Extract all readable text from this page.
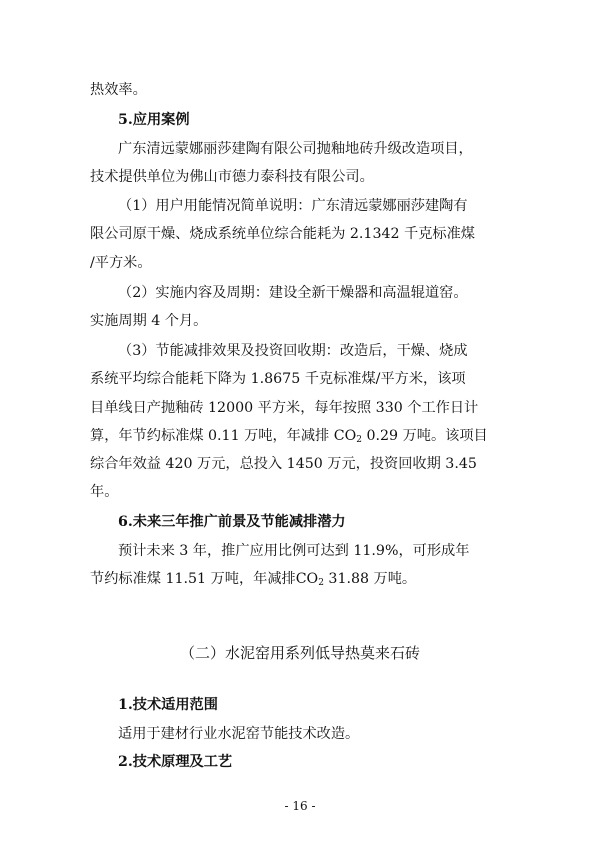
热效率。
5.应用案例
广东清远蒙娜丽莎建陶有限公司抛釉地砖升级改造项目，
技术提供单位为佛山市德力泰科技有限公司。
（1）用户用能情况简单说明：广东清远蒙娜丽莎建陶有
限公司原干燥、烧成系统单位综合能耗为 2.1342 千克标准煤
/平方米。
（2）实施内容及周期：建设全新干燥器和高温辊道窑。
实施周期 4 个月。
（3）节能减排效果及投资回收期：改造后，干燥、烧成
系统平均综合能耗下降为 1.8675 千克标准煤/平方米，该项
目单线日产抛釉砖 12000 平方米，每年按照 330 个工作日计
算，年节约标准煤 0.11 万吨，年减排 $CO_2$ 0.29 万吨。该项目
综合年效益 420 万元，总投入 1450 万元，投资回收期 3.45
年。
6.未来三年推广前景及节能减排潜力
预计未来 3 年，推广应用比例可达到 11.9%，可形成年
节约标准煤 11.51 万吨，年减排$CO_2$ 31.88 万吨。
（二）水泥窑用系列低导热莫来石砖
1.技术适用范围
适用于建材行业水泥窑节能技术改造。
2.技术原理及工艺
- 16 -
